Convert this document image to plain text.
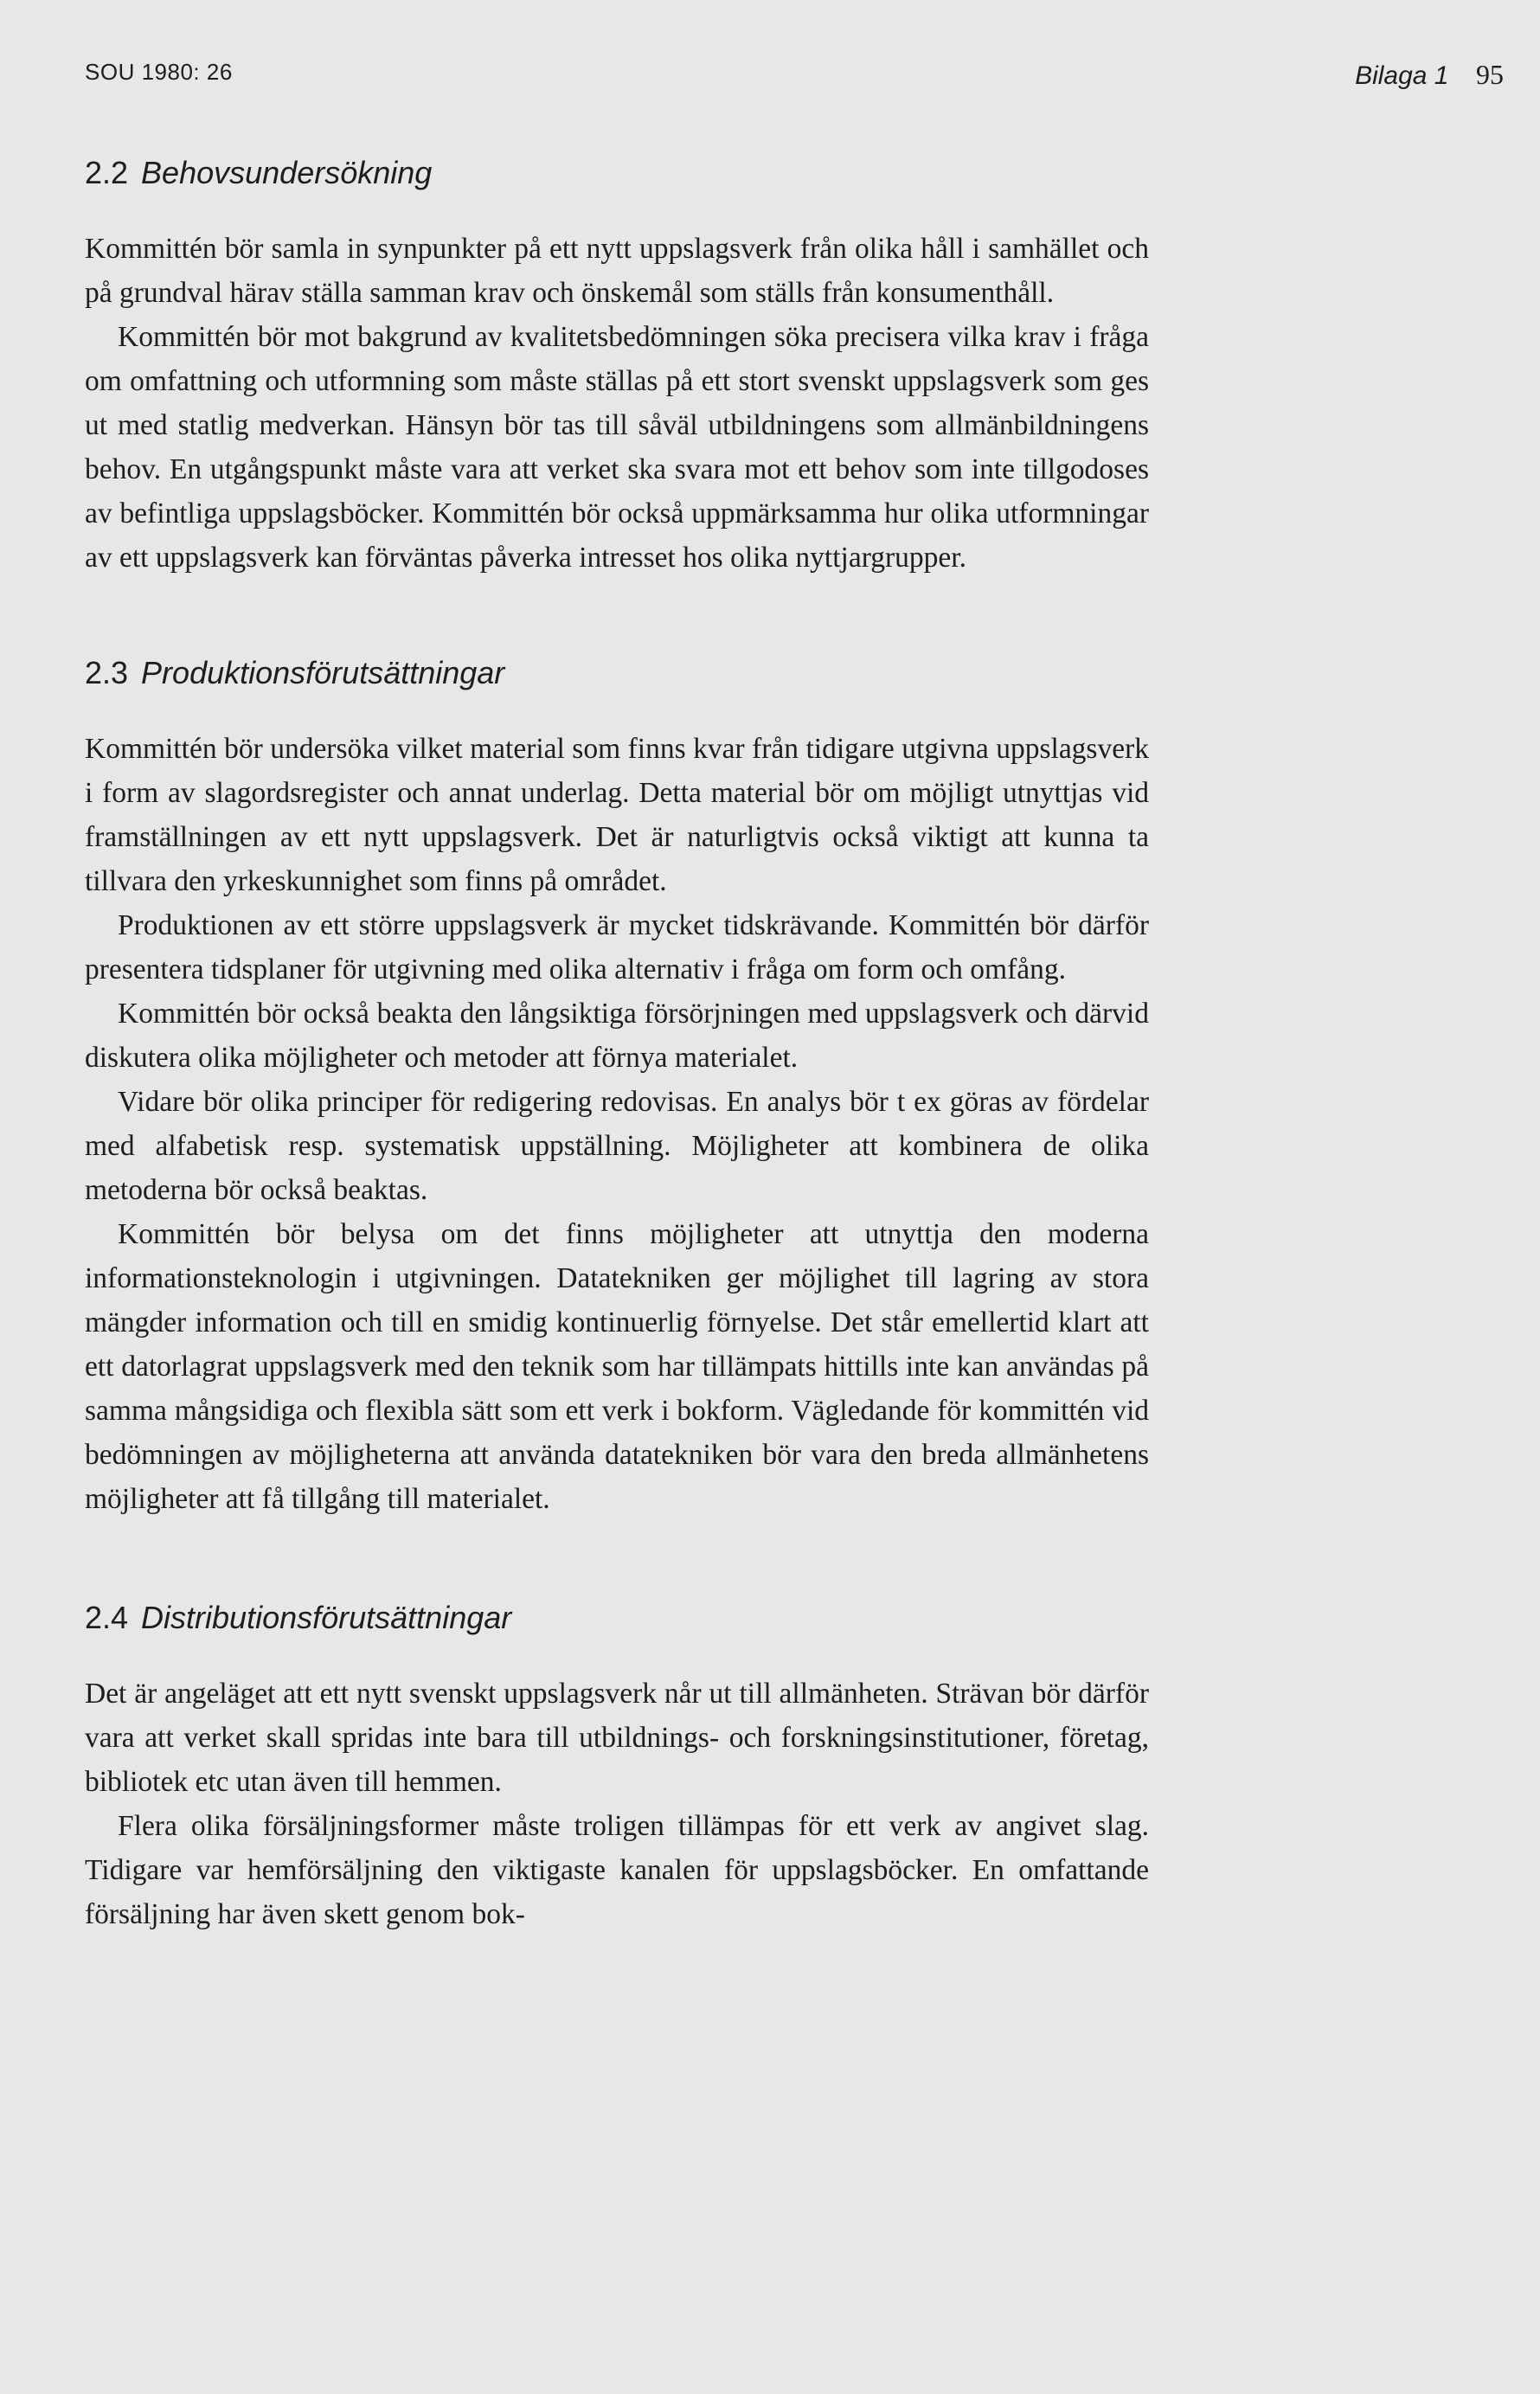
SOU 1980: 26	Bilaga 1 95
2.2 Behovsundersökning

Kommittén bör samla in synpunkter på ett nytt uppslagsverk från olika håll i samhället och på grundval härav ställa samman krav och önskemål som ställs från konsumenthåll.

Kommittén bör mot bakgrund av kvalitetsbedömningen söka precisera vilka krav i fråga om omfattning och utformning som måste ställas på ett stort svenskt uppslagsverk som ges ut med statlig medverkan. Hänsyn bör tas till såväl utbildningens som allmänbildningens behov. En utgångspunkt måste vara att verket ska svara mot ett behov som inte tillgodoses av befintliga uppslagsböcker. Kommittén bör också uppmärksamma hur olika utformningar av ett uppslagsverk kan förväntas påverka intresset hos olika nyttjargrupper.

2.3 Produktionsförutsättningar

Kommittén bör undersöka vilket material som finns kvar från tidigare utgivna uppslagsverk i form av slagordsregister och annat underlag. Detta material bör om möjligt utnyttjas vid framställningen av ett nytt uppslagsverk. Det är naturligtvis också viktigt att kunna ta tillvara den yrkeskunnighet som finns på området.

Produktionen av ett större uppslagsverk är mycket tidskrävande. Kommittén bör därför presentera tidsplaner för utgivning med olika alternativ i fråga om form och omfång.

Kommittén bör också beakta den långsiktiga försörjningen med uppslagsverk och därvid diskutera olika möjligheter och metoder att förnya materialet.

Vidare bör olika principer för redigering redovisas. En analys bör t ex göras av fördelar med alfabetisk resp. systematisk uppställning. Möjligheter att kombinera de olika metoderna bör också beaktas.

Kommittén bör belysa om det finns möjligheter att utnyttja den moderna informationsteknologin i utgivningen. Datatekniken ger möjlighet till lagring av stora mängder information och till en smidig kontinuerlig förnyelse. Det står emellertid klart att ett datorlagrat uppslagsverk med den teknik som har tillämpats hittills inte kan användas på samma mångsidiga och flexibla sätt som ett verk i bokform. Vägledande för kommittén vid bedömningen av möjligheterna att använda datatekniken bör vara den breda allmänhetens möjligheter att få tillgång till materialet.

2.4 Distributionsförutsättningar

Det är angeläget att ett nytt svenskt uppslagsverk når ut till allmänheten. Strävan bör därför vara att verket skall spridas inte bara till utbildnings- och forskningsinstitutioner, företag, bibliotek etc utan även till hemmen.

Flera olika försäljningsformer måste troligen tillämpas för ett verk av angivet slag. Tidigare var hemförsäljning den viktigaste kanalen för uppslagsböcker. En omfattande försäljning har även skett genom bok-
